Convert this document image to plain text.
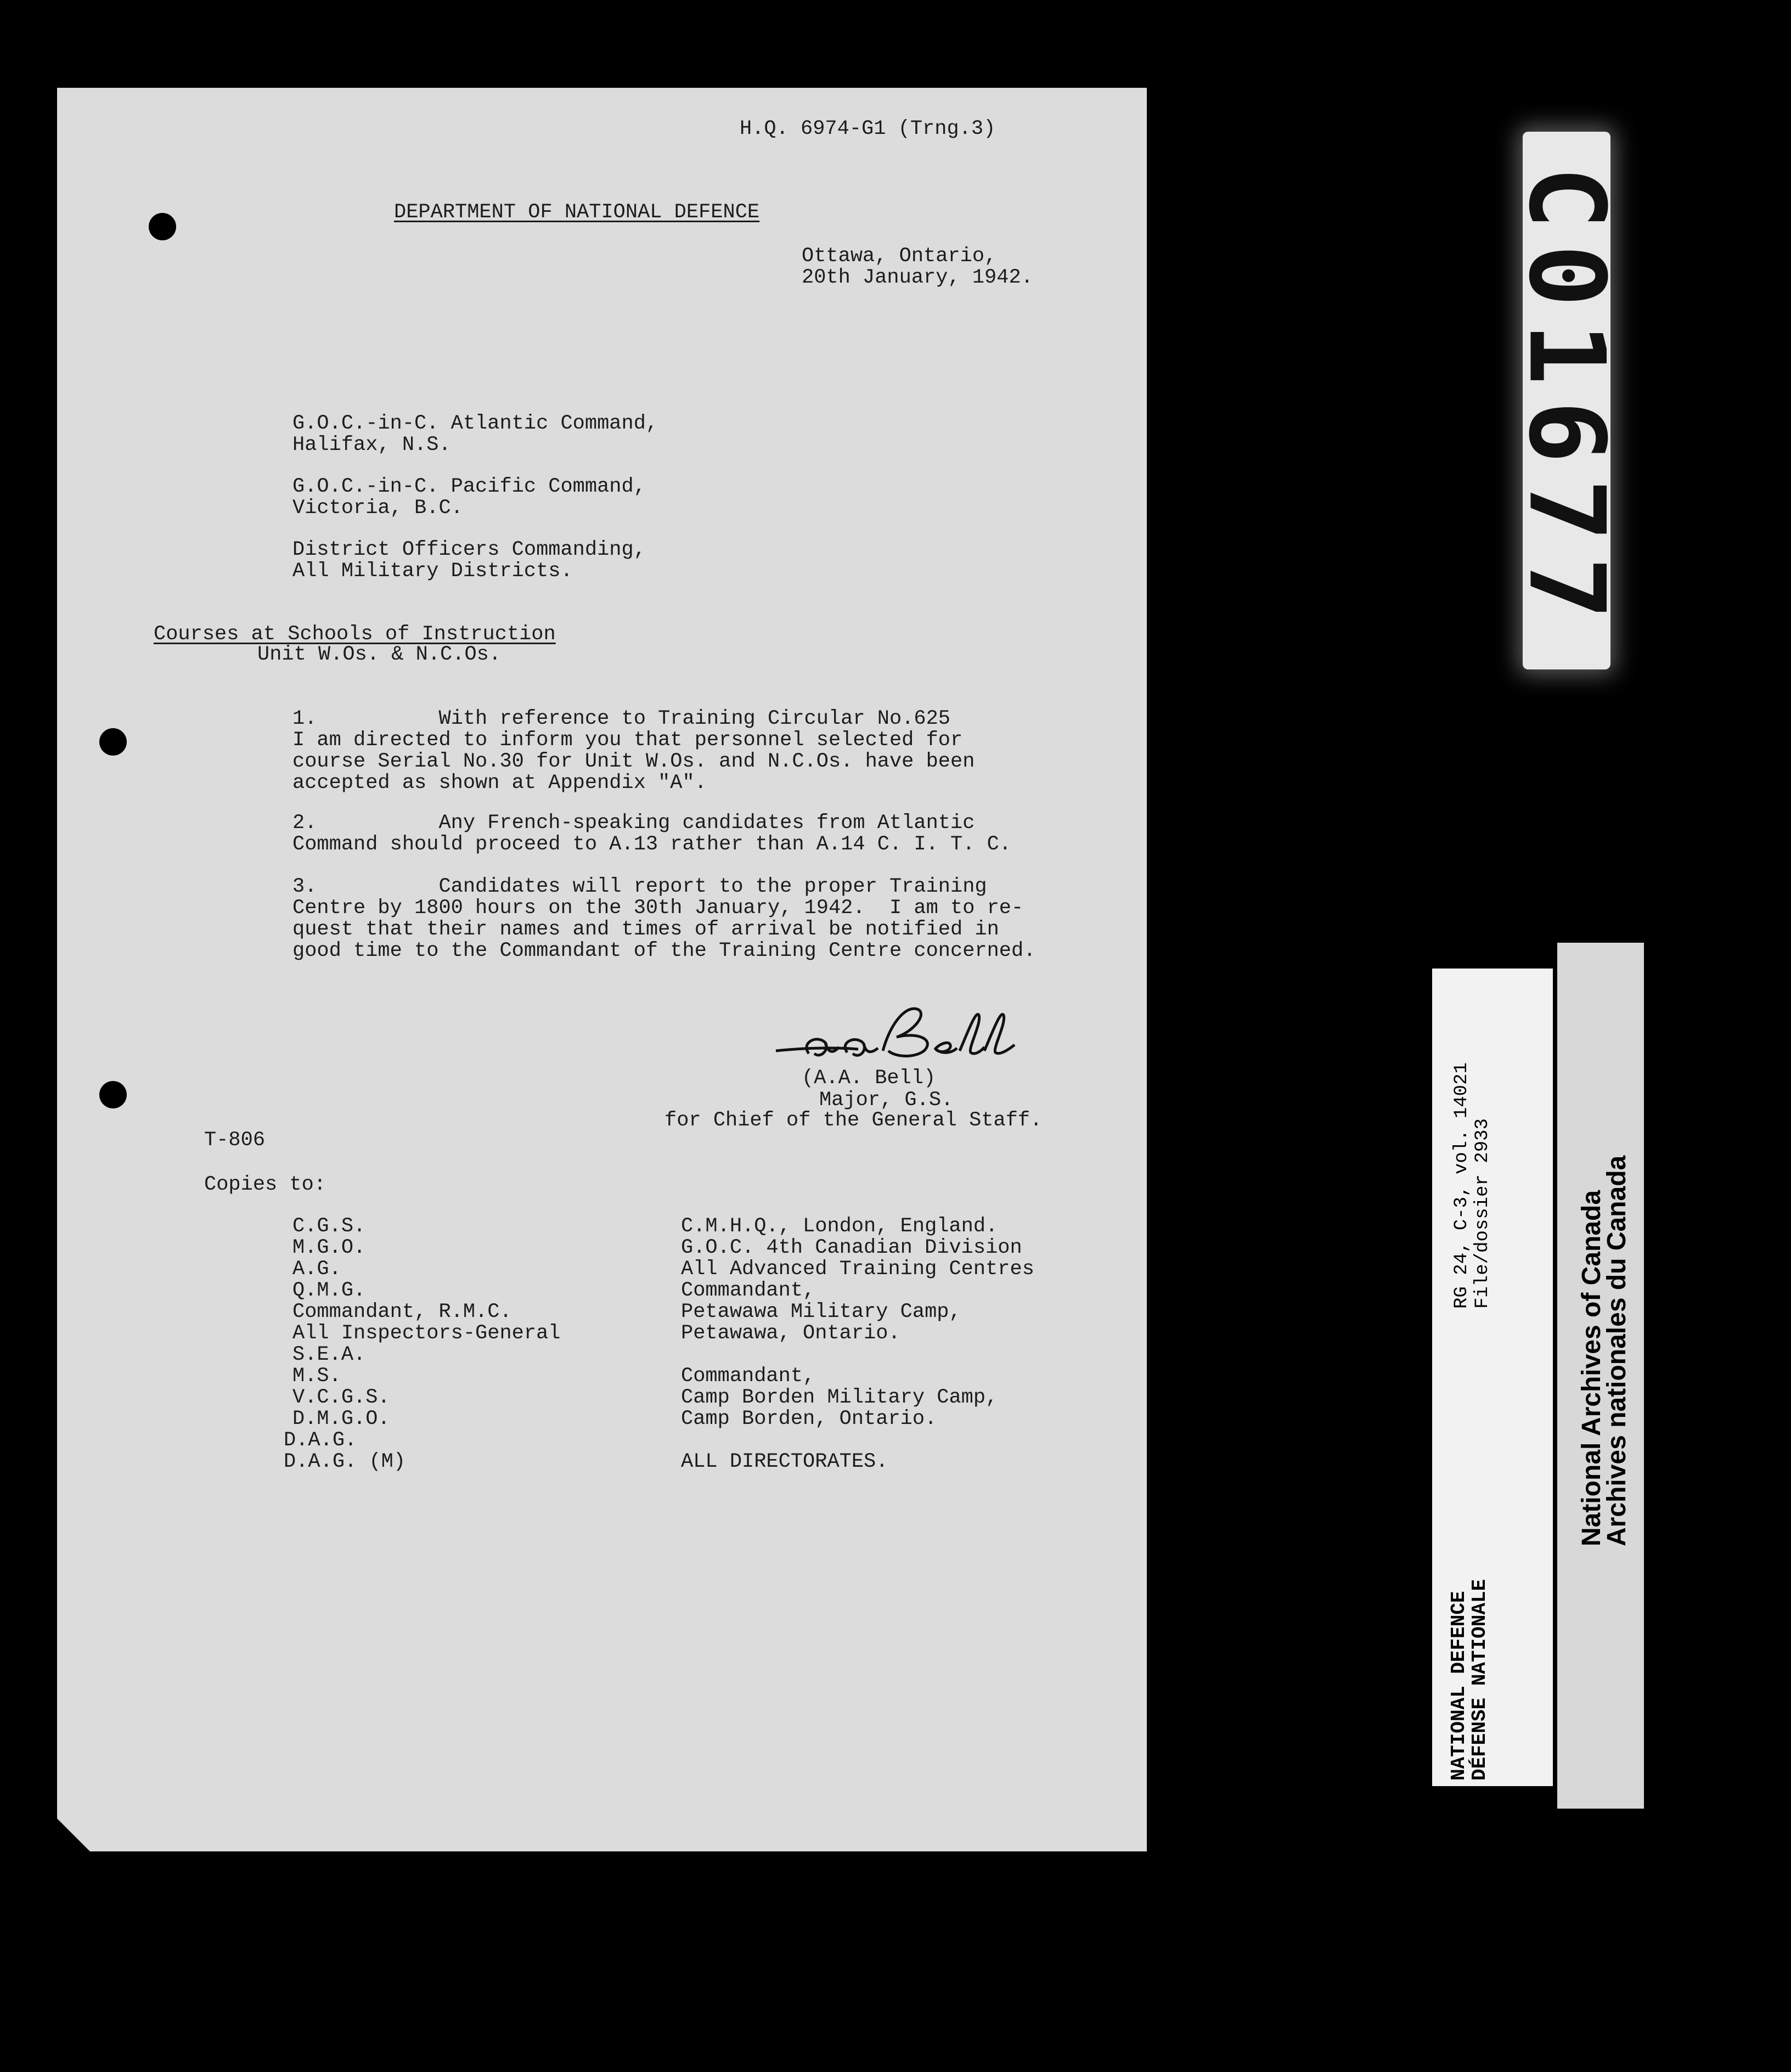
H.Q. 6974-G1 (Trng.3)

DEPARTMENT OF NATIONAL DEFENCE

Ottawa, Ontario,

20th January, 1942.

G.O.C.-in-C. Atlantic Command,

Halifax, N.S.

G.O.C.-in-C. Pacific Command,

Victoria, B.C.

District Officers Commanding,

All Military Districts.

Courses at Schools of Instruction

Unit W.Os. & N.C.Os.

1.          With reference to Training Circular No.625
I am directed to inform you that personnel selected for
course Serial No.30 for Unit W.Os. and N.C.Os. have been
accepted as shown at Appendix "A".

2.          Any French-speaking candidates from Atlantic
Command should proceed to A.13 rather than A.14 C. I. T. C.

3.          Candidates will report to the proper Training
Centre by 1800 hours on the 30th January, 1942.  I am to re-
quest that their names and times of arrival be notified in
good time to the Commandant of the Training Centre concerned.

(A.A. Bell)

Major, G.S.

for Chief of the General Staff.

T-806

Copies to:

C.G.S.
M.G.O.
A.G.
Q.M.G.
Commandant, R.M.C.
All Inspectors-General
S.E.A.
M.S.
V.C.G.S.
D.M.G.O.

D.A.G.
D.A.G. (M)

C.M.H.Q., London, England.
G.O.C. 4th Canadian Division
All Advanced Training Centres
Commandant,
Petawawa Military Camp,
Petawawa, Ontario.

Commandant,
Camp Borden Military Camp,
Camp Borden, Ontario.

ALL DIRECTORATES.

C01677
RG 24, C-3, vol. 14021 File/dossier 2933
NATIONAL DEFENCE
DÉFENSE NATIONALE
National Archives of Canada
Archives nationales du Canada
